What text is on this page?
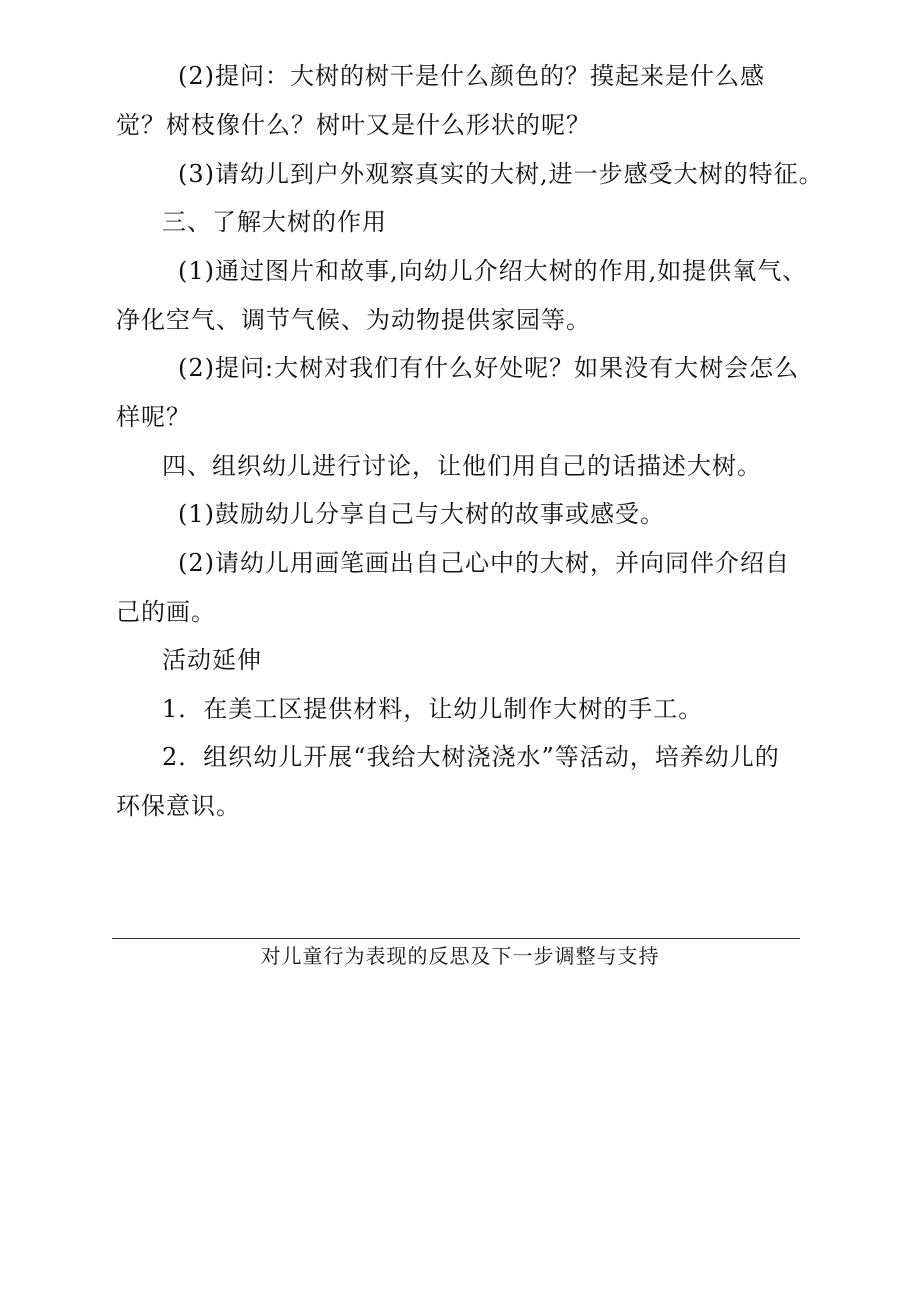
(2)提问：大树的树干是什么颜色的？摸起来是什么感
觉？树枝像什么？树叶又是什么形状的呢？
(3)请幼儿到户外观察真实的大树,进一步感受大树的特征。
三、了解大树的作用
(1)通过图片和故事,向幼儿介绍大树的作用,如提供氧气、
净化空气、调节气候、为动物提供家园等。
(2)提问:大树对我们有什么好处呢？如果没有大树会怎么
样呢？
四、组织幼儿进行讨论，让他们用自己的话描述大树。
(1)鼓励幼儿分享自己与大树的故事或感受。
(2)请幼儿用画笔画出自己心中的大树，并向同伴介绍自
己的画。
活动延伸
1．在美工区提供材料，让幼儿制作大树的手工。
2．组织幼儿开展“我给大树浇浇水”等活动，培养幼儿的
环保意识。
对儿童行为表现的反思及下一步调整与支持
